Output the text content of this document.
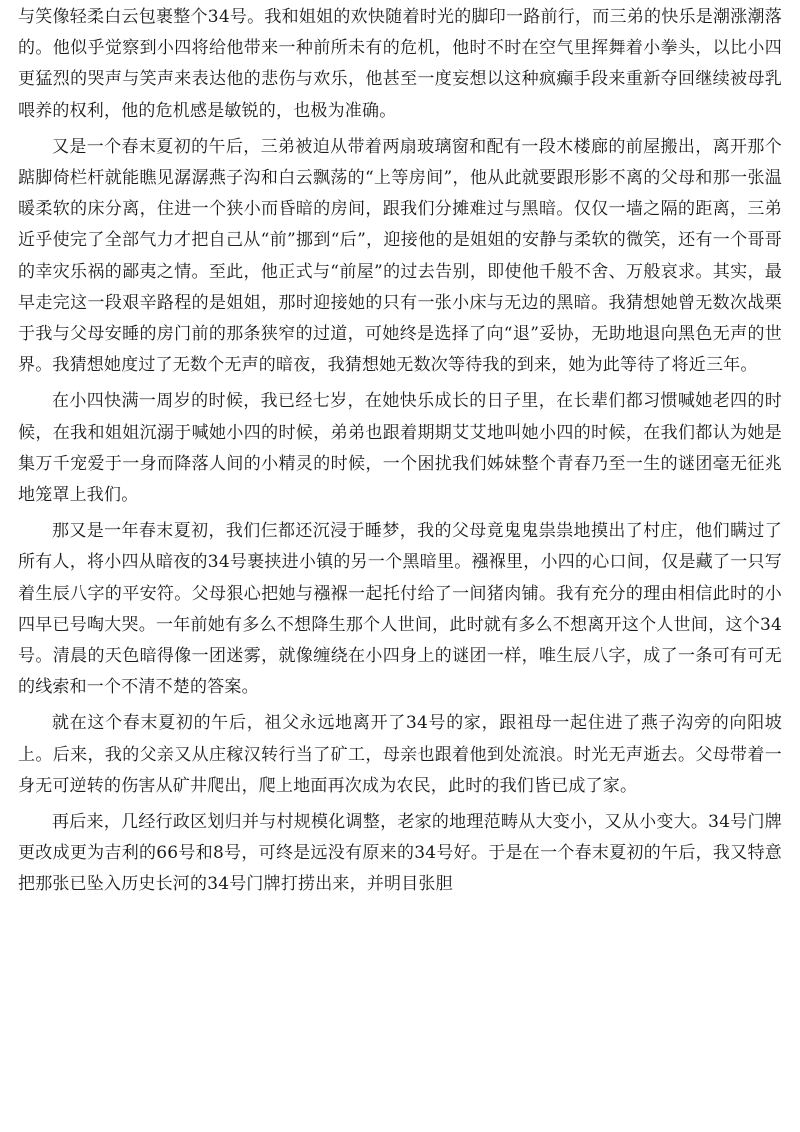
与笑像轻柔白云包裹整个34号。我和姐姐的欢快随着时光的脚印一路前行，而三弟的快乐是潮涨潮落的。他似乎觉察到小四将给他带来一种前所未有的危机，他时不时在空气里挥舞着小拳头，以比小四更猛烈的哭声与笑声来表达他的悲伤与欢乐，他甚至一度妄想以这种疯癫手段来重新夺回继续被母乳喂养的权利，他的危机感是敏锐的，也极为准确。

又是一个春末夏初的午后，三弟被迫从带着两扇玻璃窗和配有一段木楼廊的前屋搬出，离开那个踮脚倚栏杆就能瞧见潺潺燕子沟和白云飘荡的“上等房间”，他从此就要跟形影不离的父母和那一张温暖柔软的床分离，住进一个狭小而昏暗的房间，跟我们分摊难过与黑暗。仅仅一墙之隔的距离，三弟近乎使完了全部气力才把自己从“前”挪到“后”，迎接他的是姐姐的安静与柔软的微笑，还有一个哥哥的幸灾乐祸的鄙夷之情。至此，他正式与“前屋”的过去告别，即使他千般不舍、万般哀求。其实，最早走完这一段艰辛路程的是姐姐，那时迎接她的只有一张小床与无边的黑暗。我猜想她曾无数次战栗于我与父母安睡的房门前的那条狭窄的过道，可她终是选择了向“退”妥协，无助地退向黑色无声的世界。我猜想她度过了无数个无声的暗夜，我猜想她无数次等待我的到来，她为此等待了将近三年。

在小四快满一周岁的时候，我已经七岁，在她快乐成长的日子里，在长辈们都习惯喊她老四的时候，在我和姐姐沉溺于喊她小四的时候，弟弟也跟着期期艾艾地叫她小四的时候，在我们都认为她是集万千宠爱于一身而降落人间的小精灵的时候，一个困扰我们姊妹整个青春乃至一生的谜团毫无征兆地笼罩上我们。

那又是一年春末夏初，我们仨都还沉浸于睡梦，我的父母竟鬼鬼祟祟地摸出了村庄，他们瞒过了所有人，将小四从暗夜的34号裹挟进小镇的另一个黑暗里。襁褓里，小四的心口间，仅是藏了一只写着生辰八字的平安符。父母狠心把她与襁褓一起托付给了一间猪肉铺。我有充分的理由相信此时的小四早已号啕大哭。一年前她有多么不想降生那个人世间，此时就有多么不想离开这个人世间，这个34号。清晨的天色暗得像一团迷雾，就像缠绕在小四身上的谜团一样，唯生辰八字，成了一条可有可无的线索和一个不清不楚的答案。

就在这个春末夏初的午后，祖父永远地离开了34号的家，跟祖母一起住进了燕子沟旁的向阳坡上。后来，我的父亲又从庄稼汉转行当了矿工，母亲也跟着他到处流浪。时光无声逝去。父母带着一身无可逆转的伤害从矿井爬出，爬上地面再次成为农民，此时的我们皆已成了家。

再后来，几经行政区划归并与村规模化调整，老家的地理范畴从大变小，又从小变大。34号门牌更改成更为吉利的66号和8号，可终是远没有原来的34号好。于是在一个春末夏初的午后，我又特意把那张已坠入历史长河的34号门牌打捞出来，并明目张胆
